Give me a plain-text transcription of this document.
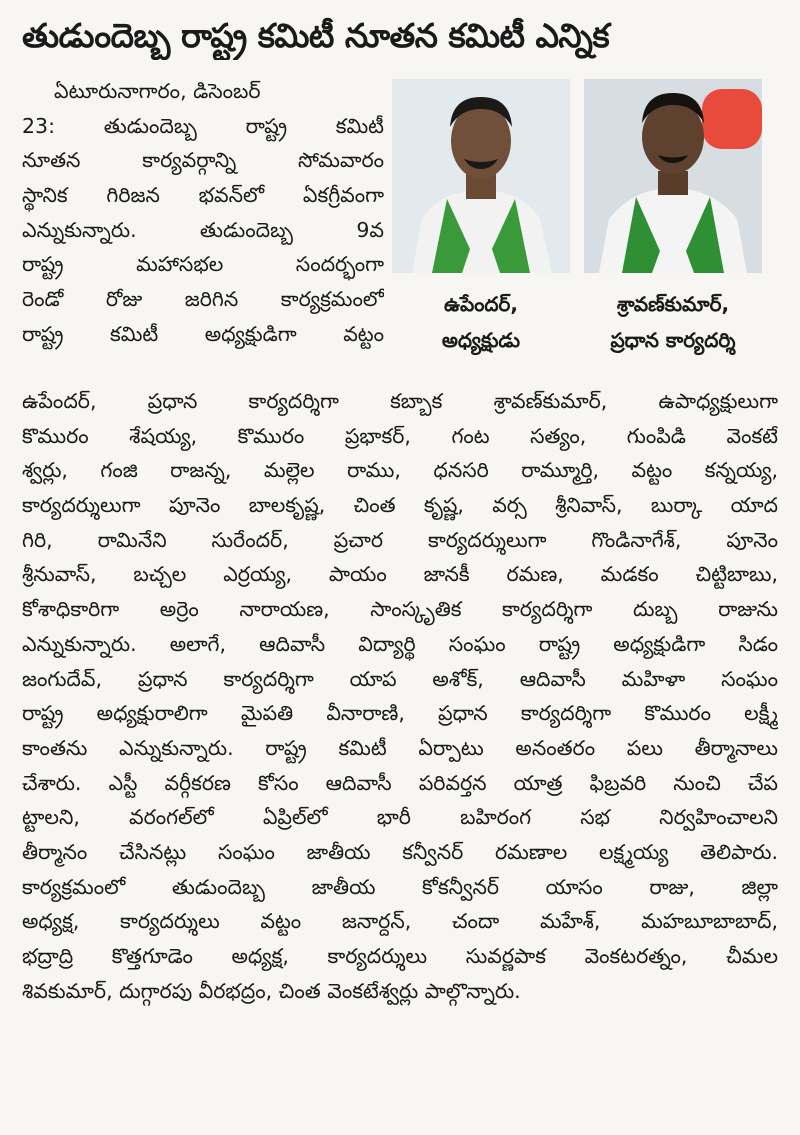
తుడుందెబ్బ రాష్ట్ర కమిటీ నూతన కమిటీ ఎన్నిక
ఏటూరునాగారం, డిసెంబర్
23: తుడుందెబ్బ రాష్ట్ర కమిటీ
నూతన కార్యవర్గాన్ని సోమవారం
స్థానిక గిరిజన భవన్‌లో ఏకగ్రీవంగా
ఎన్నుకున్నారు. తుడుందెబ్బ 9వ
రాష్ట్ర మహాసభల సందర్భంగా
రెండో రోజు జరిగిన కార్యక్రమంలో
రాష్ట్ర కమిటీ అధ్యక్షుడిగా వట్టం
ఉపేందర్,
అధ్యక్షుడు
శ్రావణ్‌కుమార్,
ప్రధాన కార్యదర్శి
ఉపేందర్, ప్రధాన కార్యదర్శిగా కబ్బాక శ్రావణ్‌కుమార్, ఉపాధ్యక్షులుగా
కొమురం శేషయ్య, కొమురం ప్రభాకర్, గంట సత్యం, గుంపిడి వెంకటే
శ్వర్లు, గంజి రాజన్న, మల్లెల రాము, ధనసరి రామ్మూర్తి, వట్టం కన్నయ్య,
కార్యదర్శులుగా పూనెం బాలకృష్ణ, చింత కృష్ణ, వర్స శ్రీనివాస్, బుర్కా యాద
గిరి, రామినేని సురేందర్, ప్రచార కార్యదర్శులుగా గొండినాగేశ్, పూనెం
శ్రీనువాస్, బచ్చల ఎర్రయ్య, పాయం జానకీ రమణ, మడకం చిట్టిబాబు,
కోశాధికారిగా అర్రెం నారాయణ, సాంస్కృతిక కార్యదర్శిగా దుబ్బ రాజును
ఎన్నుకున్నారు. అలాగే, ఆదివాసీ విద్యార్థి సంఘం రాష్ట్ర అధ్యక్షుడిగా సిడం
జంగుదేవ్, ప్రధాన కార్యదర్శిగా యాప అశోక్, ఆదివాసీ మహిళా సంఘం
రాష్ట్ర అధ్యక్షురాలిగా మైపతి వీనారాణి, ప్రధాన కార్యదర్శిగా కొమురం లక్ష్మీ
కాంతను ఎన్నుకున్నారు. రాష్ట్ర కమిటీ ఏర్పాటు అనంతరం పలు తీర్మానాలు
చేశారు. ఎస్టీ వర్గీకరణ కోసం ఆదివాసీ పరివర్తన యాత్ర ఫిబ్రవరి నుంచి చేప
ట్టాలని, వరంగల్‌లో ఏప్రిల్‌లో భారీ బహిరంగ సభ నిర్వహించాలని
తీర్మానం చేసినట్లు సంఘం జాతీయ కన్వీనర్ రమణాల లక్ష్మయ్య తెలిపారు.
కార్యక్రమంలో తుడుందెబ్బ జాతీయ కోకన్వీనర్ యాసం రాజు, జిల్లా
అధ్యక్ష, కార్యదర్శులు వట్టం జనార్దన్, చందా మహేశ్, మహబూబాబాద్,
భద్రాద్రి కొత్తగూడెం అధ్యక్ష, కార్యదర్శులు సువర్ణపాక వెంకటరత్నం, చీమల
శివకుమార్, దుగ్గారపు వీరభద్రం, చింత వెంకటేశ్వర్లు పాల్గొన్నారు.
